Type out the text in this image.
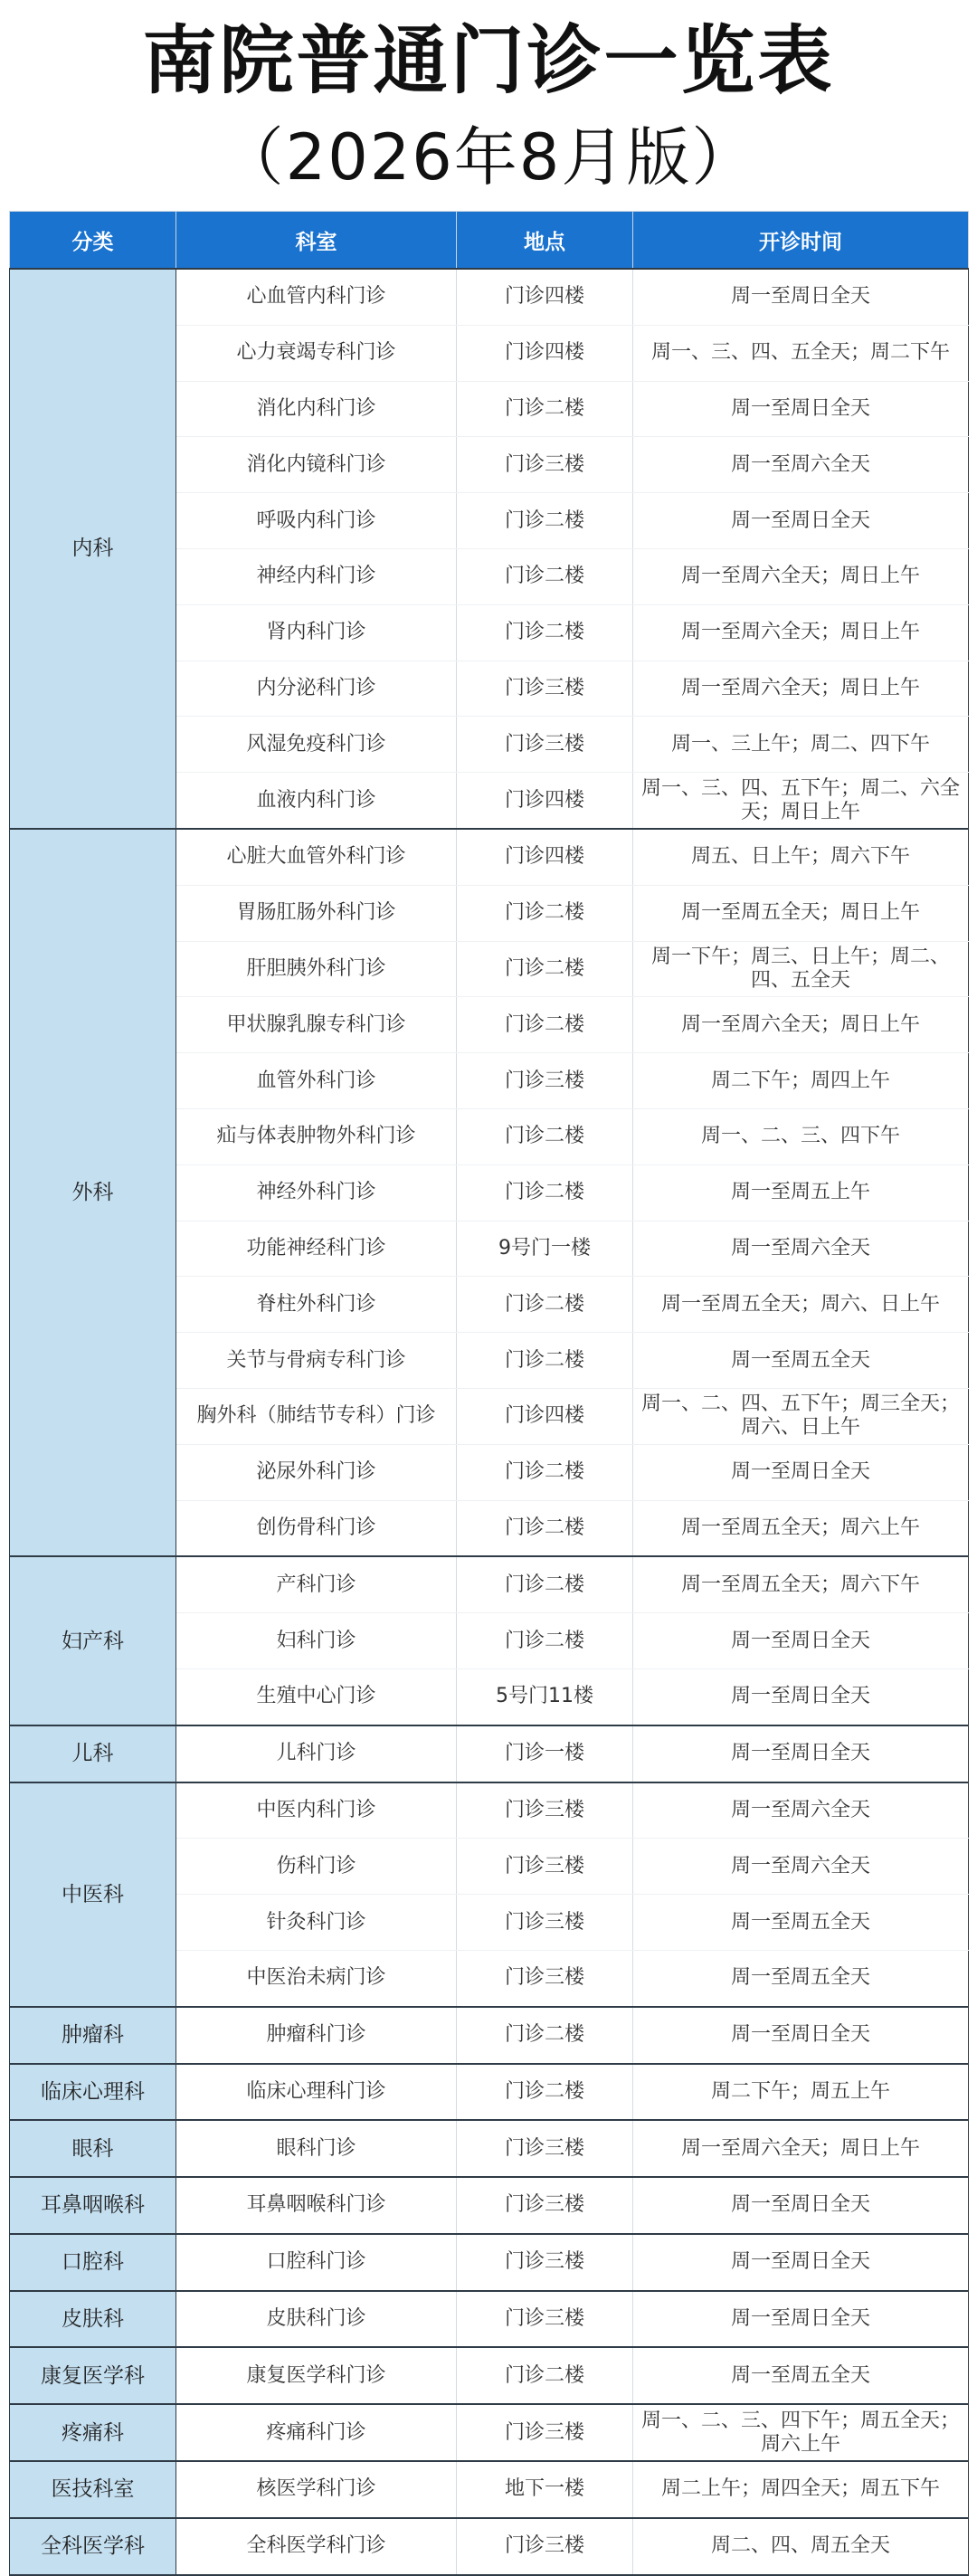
南院普通门诊一览表
（2026年8月版）
分类	科室	地点	开诊时间
内科	心血管内科门诊	门诊四楼	周一至周日全天
	心力衰竭专科门诊	门诊四楼	周一、三、四、五全天；周二下午
	消化内科门诊	门诊二楼	周一至周日全天
	消化内镜科门诊	门诊三楼	周一至周六全天
	呼吸内科门诊	门诊二楼	周一至周日全天
	神经内科门诊	门诊二楼	周一至周六全天；周日上午
	肾内科门诊	门诊二楼	周一至周六全天；周日上午
	内分泌科门诊	门诊三楼	周一至周六全天；周日上午
	风湿免疫科门诊	门诊三楼	周一、三上午；周二、四下午
	血液内科门诊	门诊四楼	周一、三、四、五下午；周二、六全天；周日上午
外科	心脏大血管外科门诊	门诊四楼	周五、日上午；周六下午
	胃肠肛肠外科门诊	门诊二楼	周一至周五全天；周日上午
	肝胆胰外科门诊	门诊二楼	周一下午；周三、日上午；周二、四、五全天
	甲状腺乳腺专科门诊	门诊二楼	周一至周六全天；周日上午
	血管外科门诊	门诊三楼	周二下午；周四上午
	疝与体表肿物外科门诊	门诊二楼	周一、二、三、四下午
	神经外科门诊	门诊二楼	周一至周五上午
	功能神经科门诊	9号门一楼	周一至周六全天
	脊柱外科门诊	门诊二楼	周一至周五全天；周六、日上午
	关节与骨病专科门诊	门诊二楼	周一至周五全天
	胸外科（肺结节专科）门诊	门诊四楼	周一、二、四、五下午；周三全天；周六、日上午
	泌尿外科门诊	门诊二楼	周一至周日全天
	创伤骨科门诊	门诊二楼	周一至周五全天；周六上午
妇产科	产科门诊	门诊二楼	周一至周五全天；周六下午
	妇科门诊	门诊二楼	周一至周日全天
	生殖中心门诊	5号门11楼	周一至周日全天
儿科	儿科门诊	门诊一楼	周一至周日全天
中医科	中医内科门诊	门诊三楼	周一至周六全天
	伤科门诊	门诊三楼	周一至周六全天
	针灸科门诊	门诊三楼	周一至周五全天
	中医治未病门诊	门诊三楼	周一至周五全天
肿瘤科	肿瘤科门诊	门诊二楼	周一至周日全天
临床心理科	临床心理科门诊	门诊二楼	周二下午；周五上午
眼科	眼科门诊	门诊三楼	周一至周六全天；周日上午
耳鼻咽喉科	耳鼻咽喉科门诊	门诊三楼	周一至周日全天
口腔科	口腔科门诊	门诊三楼	周一至周日全天
皮肤科	皮肤科门诊	门诊三楼	周一至周日全天
康复医学科	康复医学科门诊	门诊二楼	周一至周五全天
疼痛科	疼痛科门诊	门诊三楼	周一、二、三、四下午；周五全天；周六上午
医技科室	核医学科门诊	地下一楼	周二上午；周四全天；周五下午
全科医学科	全科医学科门诊	门诊三楼	周二、四、周五全天
